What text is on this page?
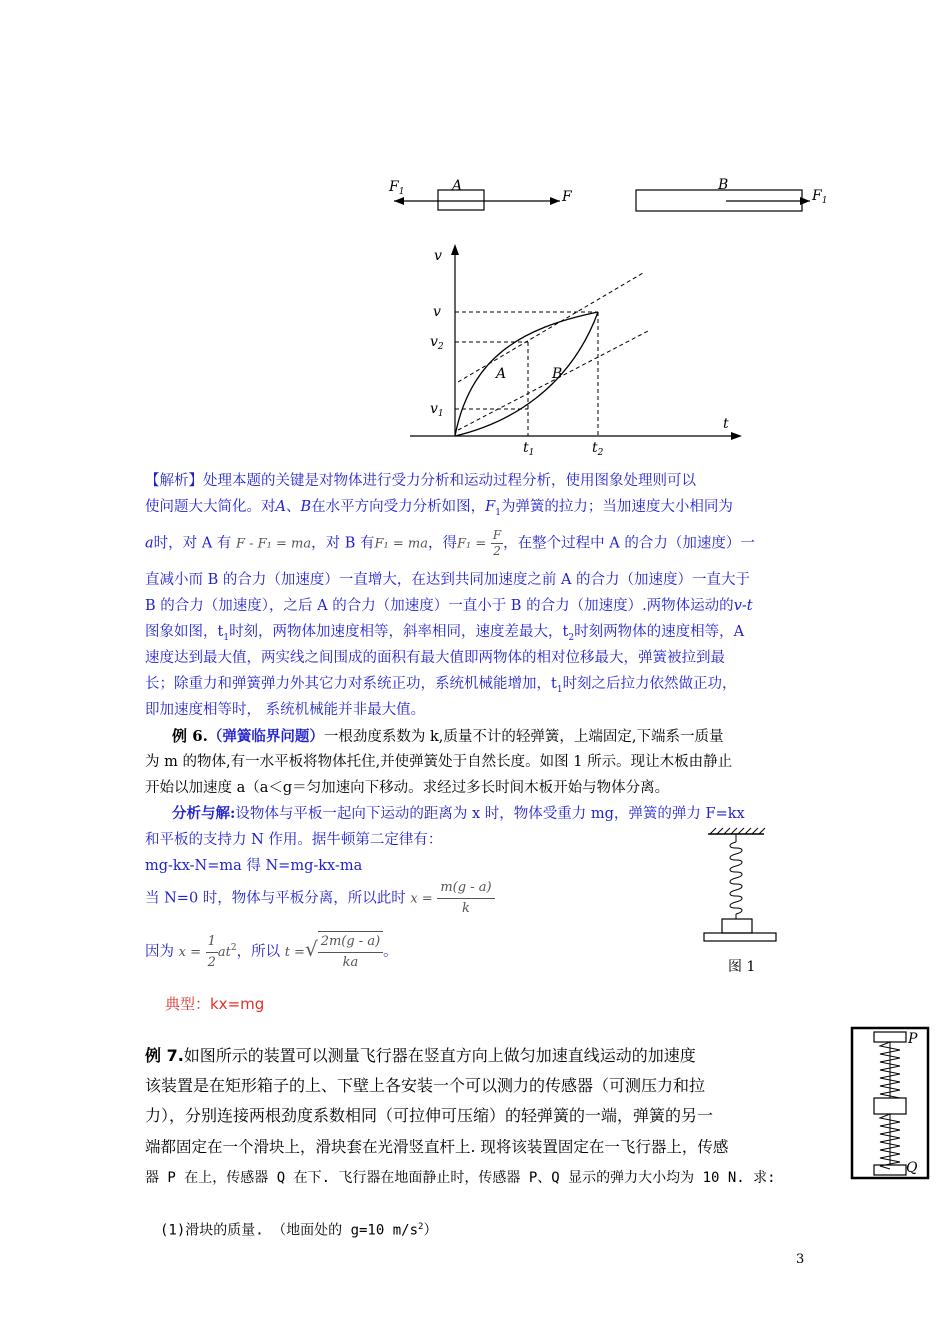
$F_1$	A
F
B
$F_1$
v
t
v
$v_2$
$v_1$
$t_1$	$t_2$
A	B
【解析】处理本题的关键是对物体进行受力分析和运动过程分析，使用图象处理则可以
使问题大大简化。对A、B在水平方向受力分析如图，$F_1$为弹簧的拉力；当加速度大小相同为
a时，对 A 有 F - F₁ = ma，对 B 有F₁ = ma，得$F_1 = \frac{F}{2}$ ，在整个过程中 A 的合力（加速度）一
直减小而 B 的合力（加速度）一直增大，在达到共同加速度之前 A 的合力（加速度）一直大于
B 的合力（加速度），之后 A 的合力（加速度）一直小于 B 的合力（加速度）.两物体运动的v-t
图象如图，$t_1$时刻，两物体加速度相等，斜率相同，速度差最大，$t_2$时刻两物体的速度相等，A
速度达到最大值，两实线之间围成的面积有最大值即两物体的相对位移最大，弹簧被拉到最
长；除重力和弹簧弹力外其它力对系统正功，系统机械能增加，$t_1$时刻之后拉力依然做正功，
即加速度相等时， 系统机械能并非最大值。
例 6.（弹簧临界问题）一根劲度系数为 k,质量不计的轻弹簧，上端固定,下端系一质量
为 m 的物体,有一水平板将物体托住,并使弹簧处于自然长度。如图 1 所示。现让木板由静止
开始以加速度 a（a＜g＝匀加速向下移动。求经过多长时间木板开始与物体分离。
分析与解:设物体与平板一起向下运动的距离为 x 时，物体受重力 mg，弹簧的弹力 F=kx
和平板的支持力 N 作用。据牛顿第二定律有：
mg-kx-N=ma 得 N=mg-kx-ma
当 N=0 时，物体与平板分离，所以此时 $x = \frac{m(g - a)}{k}$
因为 $x = \frac{1}{2} at^2$，所以 t =√ $\frac{2m(g - a)}{ka}$ 。
典型：kx=mg
图 1
例 7.如图所示的装置可以测量飞行器在竖直方向上做匀加速直线运动的加速度
该装置是在矩形箱子的上、下壁上各安装一个可以测力的传感器（可测压力和拉
力），分别连接两根劲度系数相同（可拉伸可压缩）的轻弹簧的一端，弹簧的另一
端都固定在一个滑块上，滑块套在光滑竖直杆上. 现将该装置固定在一飞行器上，传感
器 P 在上，传感器 Q 在下. 飞行器在地面静止时，传感器 P、Q 显示的弹力大小均为 10 N. 求:
(1)滑块的质量. （地面处的 g=10 $m/s^2$）
P
Q
3
